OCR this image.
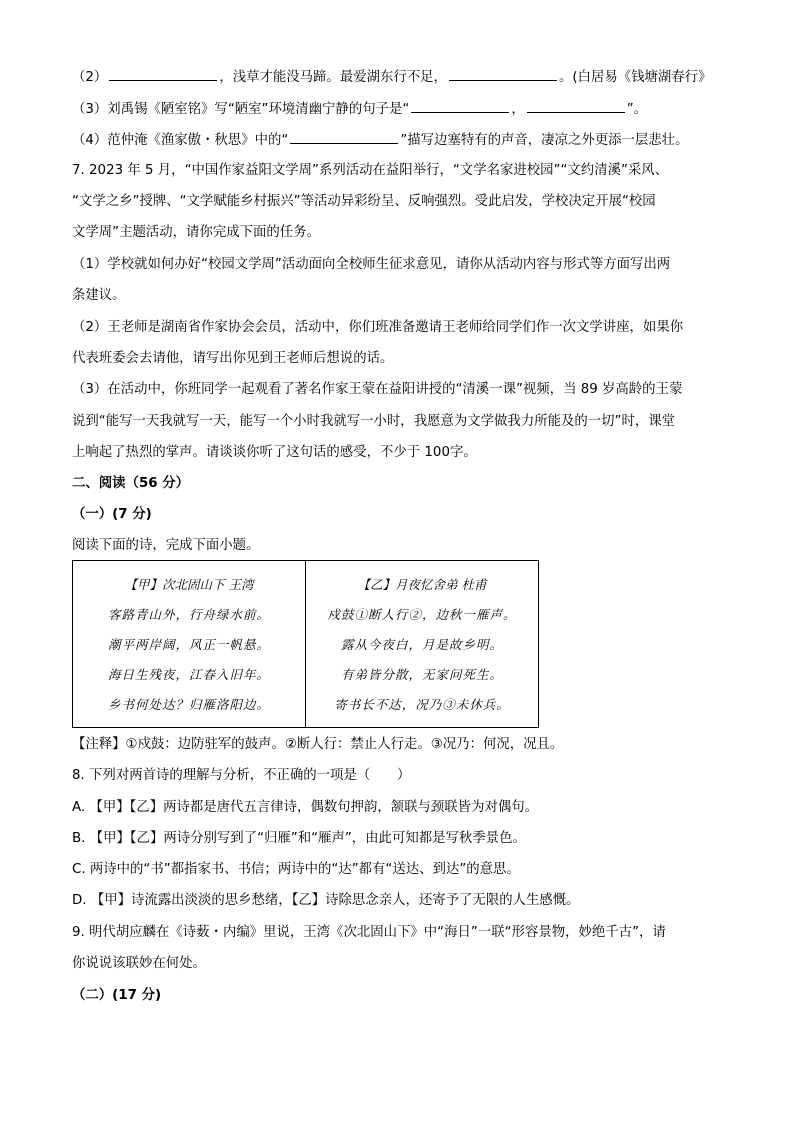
（2）	，浅草才能没马蹄。最爱湖东行不足，	。(白居易《钱塘湖春行》
（3）刘禹锡《陋室铭》写“陋室”环境清幽宁静的句子是“	，	”。
（4）范仲淹《渔家傲・秋思》中的“	”描写边塞特有的声音，凄凉之外更添一层悲壮。
7. 2023 年 5 月，“中国作家益阳文学周”系列活动在益阳举行，“文学名家进校园”“文约清溪”采风、
“文学之乡”授牌、“文学赋能乡村振兴”等活动异彩纷呈、反响强烈。受此启发，学校决定开展“校园
文学周”主题活动，请你完成下面的任务。
（1）学校就如何办好“校园文学周”活动面向全校师生征求意见，请你从活动内容与形式等方面写出两
条建议。
（2）王老师是湖南省作家协会会员，活动中，你们班准备邀请王老师给同学们作一次文学讲座，如果你
代表班委会去请他，请写出你见到王老师后想说的话。
（3）在活动中，你班同学一起观看了著名作家王蒙在益阳讲授的“清溪一课”视频，当 89 岁高龄的王蒙
说到“能写一天我就写一天，能写一个小时我就写一小时，我愿意为文学做我力所能及的一切”时，课堂
上响起了热烈的掌声。请谈谈你听了这句话的感受，不少于 100字。
二、阅读（56 分）
（一）(7 分)
阅读下面的诗，完成下面小题。
【甲】次北固山下 王湾
客路青山外，行舟绿水前。
潮平两岸阔，风正一帆悬。
海日生残夜，江春入旧年。
乡书何处达？归雁洛阳边。
【乙】月夜忆舍弟 杜甫
戍鼓①断人行②，边秋一雁声。
露从今夜白，月是故乡明。
有弟皆分散，无家问死生。
寄书长不达，况乃③未休兵。
【注释】①戍鼓：边防驻军的鼓声。②断人行：禁止人行走。③况乃：何况，况且。
8. 下列对两首诗的理解与分析，不正确的一项是（　　）
A. 【甲】【乙】两诗都是唐代五言律诗，偶数句押韵，颔联与颈联皆为对偶句。
B. 【甲】【乙】两诗分别写到了“归雁”和“雁声”，由此可知都是写秋季景色。
C. 两诗中的“书”都指家书、书信；两诗中的“达”都有“送达、到达”的意思。
D. 【甲】诗流露出淡淡的思乡愁绪，【乙】诗除思念亲人，还寄予了无限的人生感慨。
9. 明代胡应麟在《诗薮・内编》里说，王湾《次北固山下》中“海日”一联“形容景物，妙绝千古”，请
你说说该联妙在何处。
（二）(17 分)
